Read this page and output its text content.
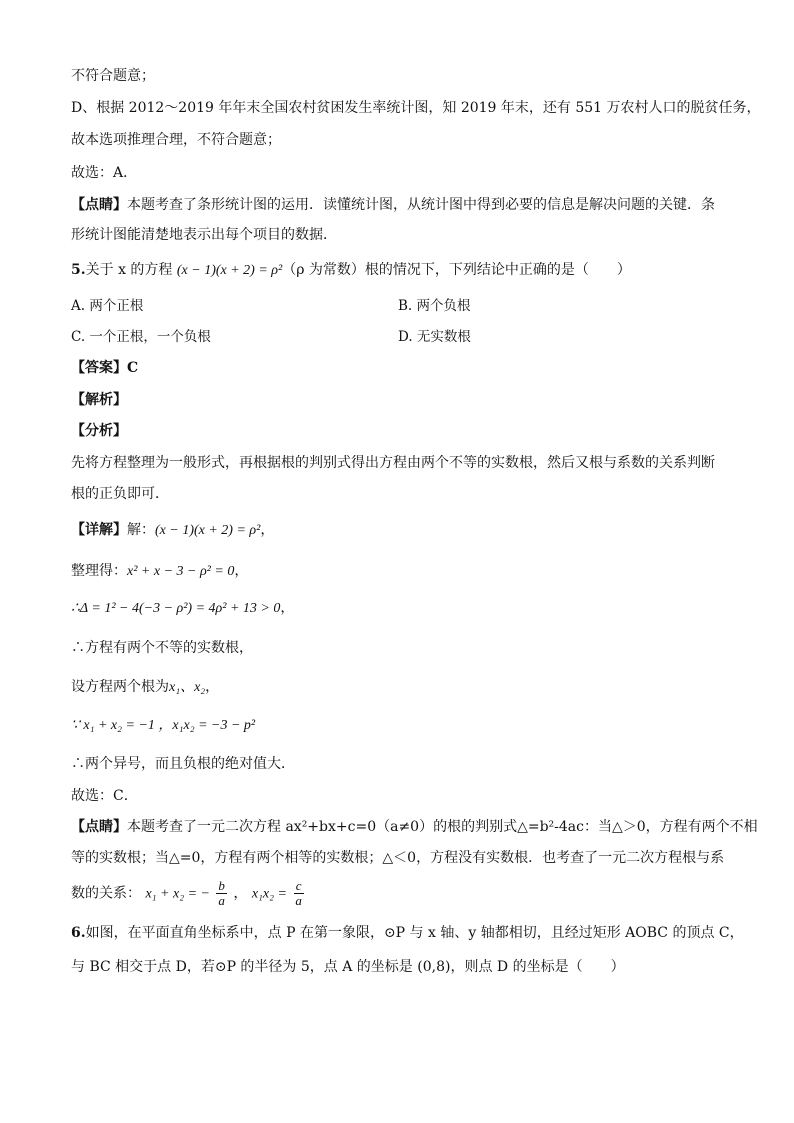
不符合题意；
D、根据 2012～2019 年年末全国农村贫困发生率统计图，知 2019 年末，还有 551 万农村人口的脱贫任务，
故本选项推理合理，不符合题意；
故选：A．
【点睛】本题考查了条形统计图的运用．读懂统计图，从统计图中得到必要的信息是解决问题的关键．条
形统计图能清楚地表示出每个项目的数据．
5.关于 x 的方程 (x − 1)(x + 2) = ρ²（ρ 为常数）根的情况下，下列结论中正确的是（　　）
A. 两个正根	B. 两个负根
C. 一个正根，一个负根	D. 无实数根
【答案】C
【解析】
【分析】
先将方程整理为一般形式，再根据根的判别式得出方程由两个不等的实数根，然后又根与系数的关系判断
根的正负即可．
【详解】解：(x − 1)(x + 2) = ρ²，
整理得：x² + x − 3 − ρ² = 0，
∴Δ = 1² − 4(−3 − ρ²) = 4ρ² + 13 > 0，
∴方程有两个不等的实数根，
设方程两个根为x₁、x₂，
∵ x₁ + x₂ = −1 ，x₁x₂ = −3 − p²
∴两个异号，而且负根的绝对值大．
故选：C．
【点睛】本题考查了一元二次方程 ax²+bx+c=0（a≠0）的根的判别式△=b²-4ac：当△＞0，方程有两个不相
等的实数根；当△=0，方程有两个相等的实数根；△＜0，方程没有实数根．也考查了一元二次方程根与系
数的关系： x₁ + x₂ = − $\frac{b}{a}$ ， $x_1x_2 = \frac{c}{a}$
6.如图，在平面直角坐标系中，点 P 在第一象限，⊙P 与 x 轴、y 轴都相切，且经过矩形 AOBC 的顶点 C，
与 BC 相交于点 D，若⊙P 的半径为 5，点 A 的坐标是 (0,8)，则点 D 的坐标是（　　）
